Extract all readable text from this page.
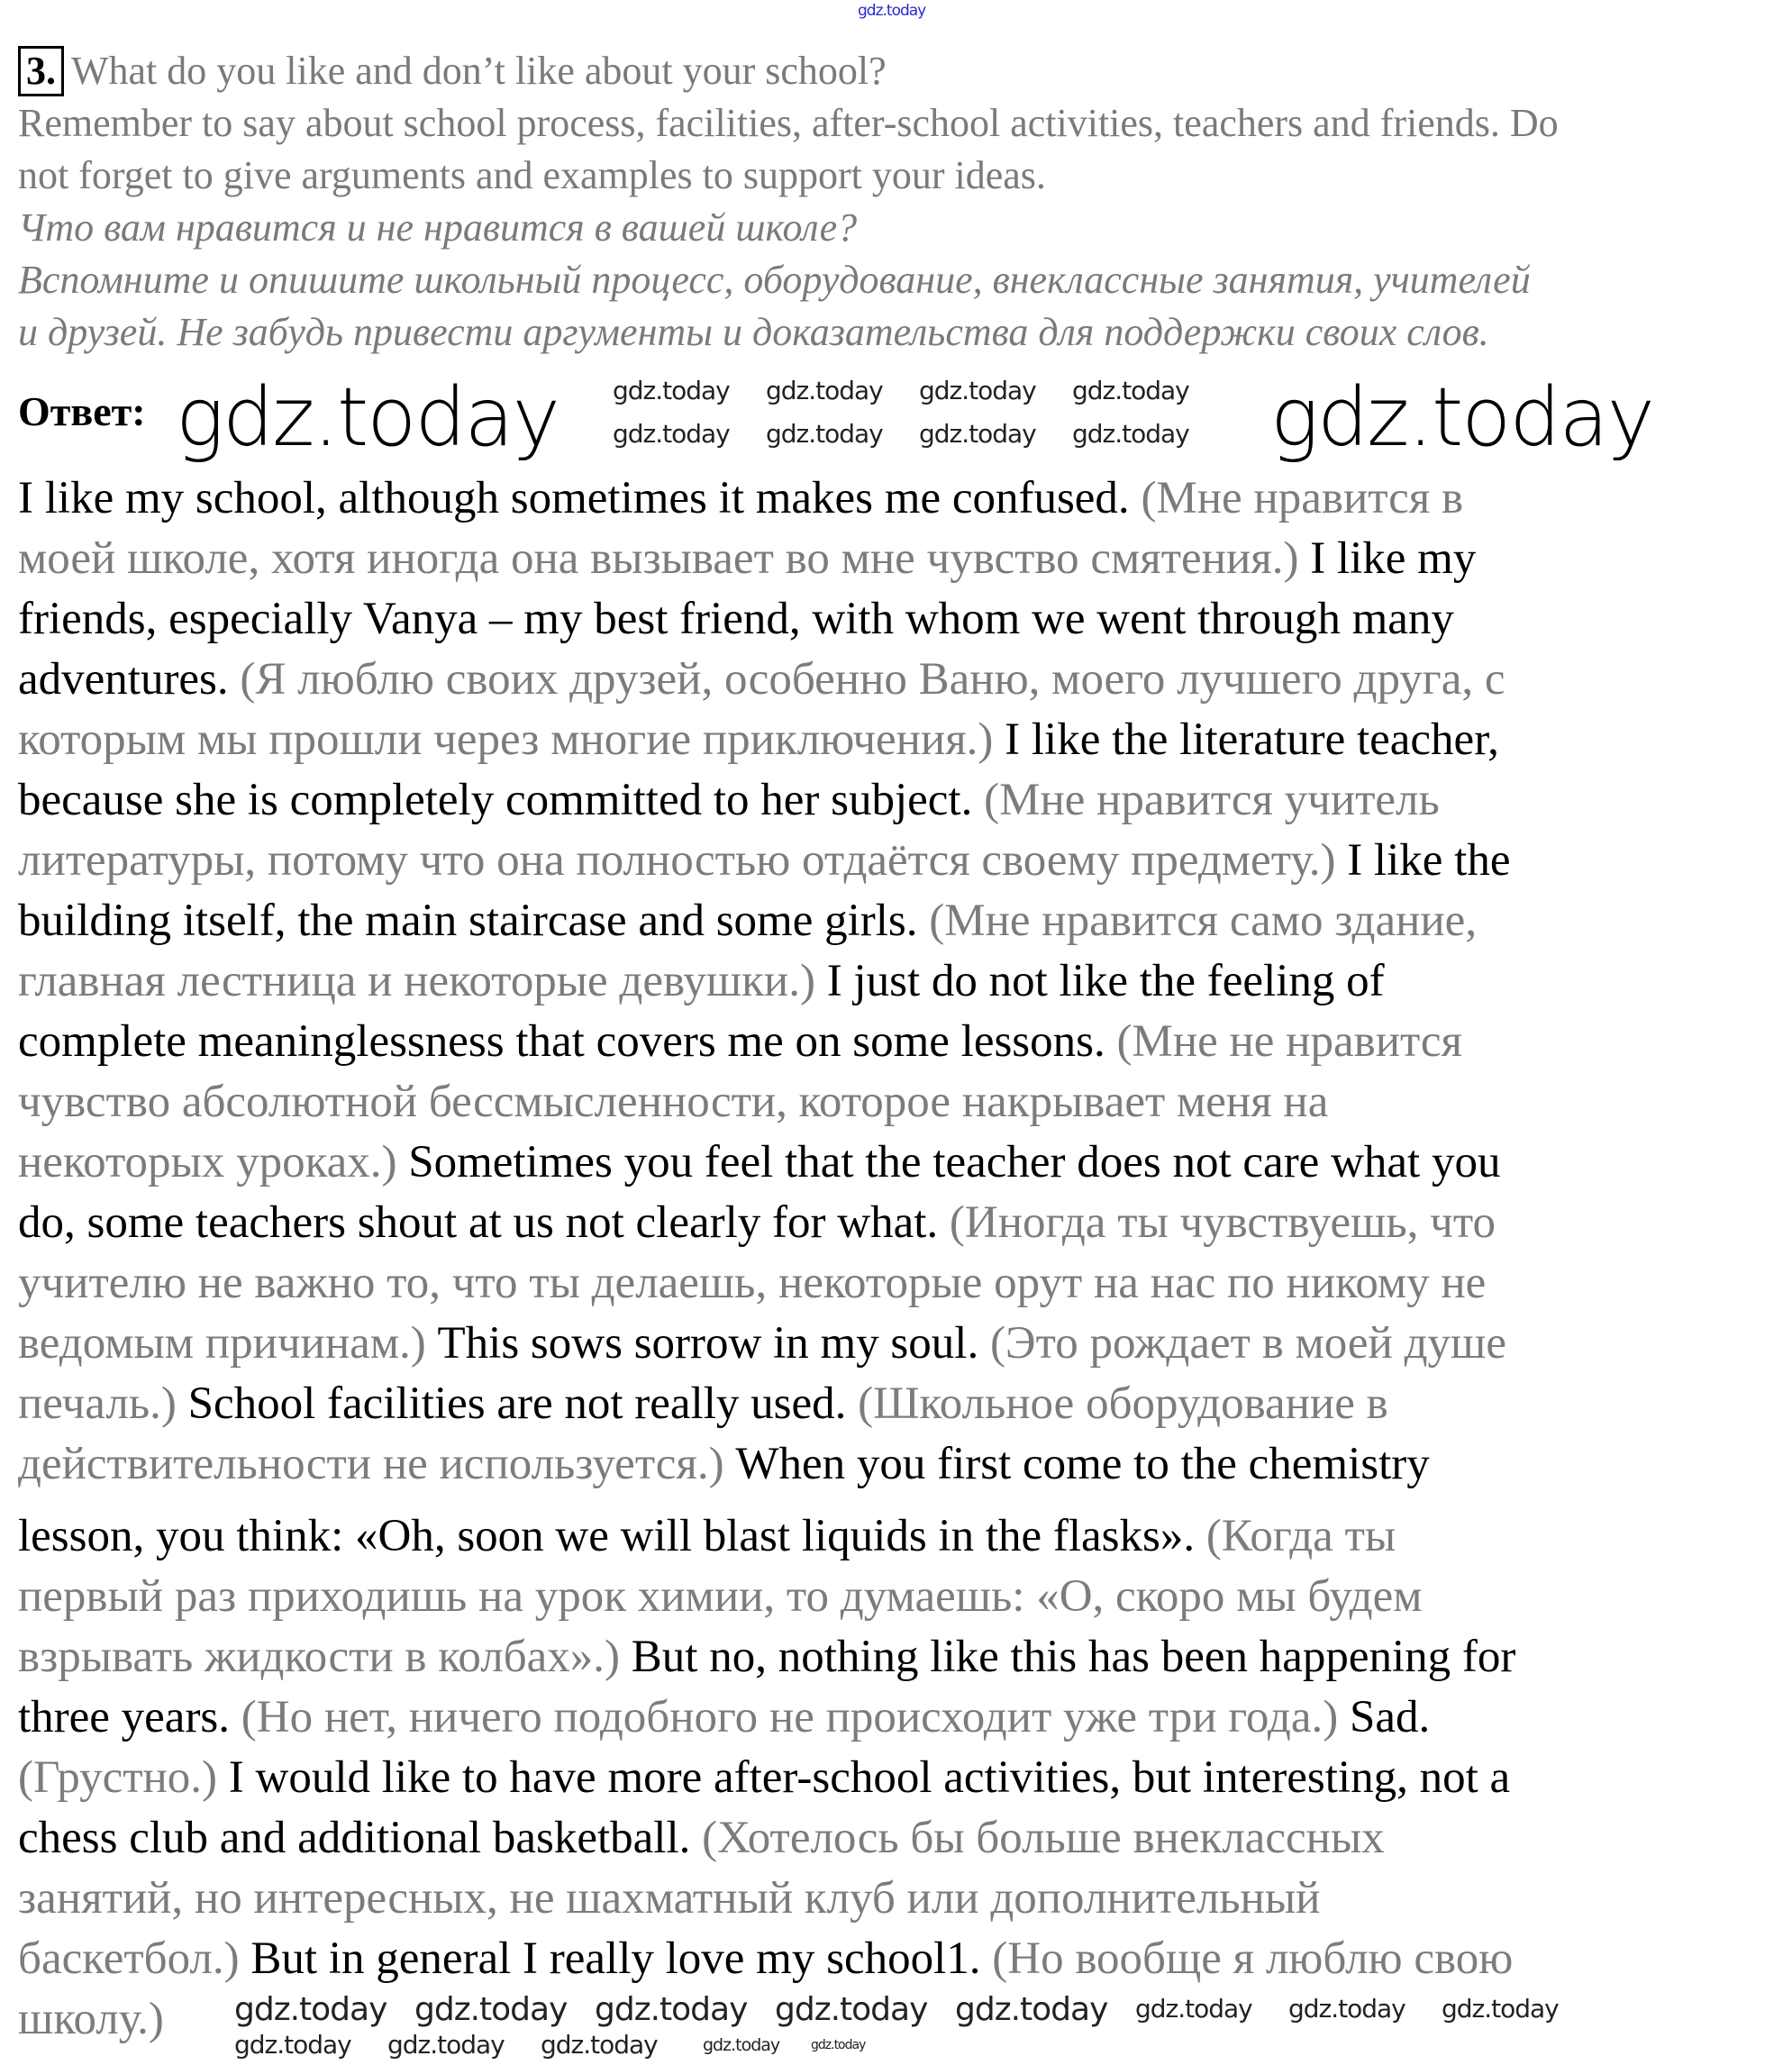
gdz.today
3. What do you like and don’t like about your school?
Remember to say about school process, facilities, after-school activities, teachers and friends. Do
not forget to give arguments and examples to support your ideas.
Что вам нравится и не нравится в вашей школе?
Вспомните и опишите школьный процесс, оборудование, внеклассные занятия, учителей
и друзей. Не забудь привести аргументы и доказательства для поддержки своих слов.
Ответ: gdz.today	gdz.today
I like my school, although sometimes it makes me confused. (Мне нравится в
моей школе, хотя иногда она вызывает во мне чувство смятения.) I like my
friends, especially Vanya – my best friend, with whom we went through many
adventures. (Я люблю своих друзей, особенно Ваню, моего лучшего друга, с
которым мы прошли через многие приключения.) I like the literature teacher,
because she is completely committed to her subject. (Мне нравится учитель
литературы, потому что она полностью отдаётся своему предмету.) I like the
building itself, the main staircase and some girls. (Мне нравится само здание,
главная лестница и некоторые девушки.) I just do not like the feeling of
complete meaninglessness that covers me on some lessons. (Мне не нравится
чувство абсолютной бессмысленности, которое накрывает меня на
некоторых уроках.) Sometimes you feel that the teacher does not care what you
do, some teachers shout at us not clearly for what. (Иногда ты чувствуешь, что
учителю не важно то, что ты делаешь, некоторые орут на нас по никому не
ведомым причинам.) This sows sorrow in my soul. (Это рождает в моей душе
печаль.) School facilities are not really used. (Школьное оборудование в
действительности не используется.) When you first come to the chemistry
lesson, you think: «Oh, soon we will blast liquids in the flasks». (Когда ты
первый раз приходишь на урок химии, то думаешь: «О, скоро мы будем
взрывать жидкости в колбах».) But no, nothing like this has been happening for
three years. (Но нет, ничего подобного не происходит уже три года.) Sad.
(Грустно.) I would like to have more after-school activities, but interesting, not a
chess club and additional basketball. (Хотелось бы больше внеклассных
занятий, но интересных, не шахматный клуб или дополнительный
баскетбол.) But in general I really love my school1. (Но вообще я люблю свою
школу.)
gdz.today gdz.today gdz.today gdz.today
gdz.today gdz.today gdz.today gdz.today
gdz.today gdz.today gdz.today gdz.today gdz.today gdz.today gdz.today gdz.today
gdz.today gdz.today gdz.today	gdz.today gdz.today
